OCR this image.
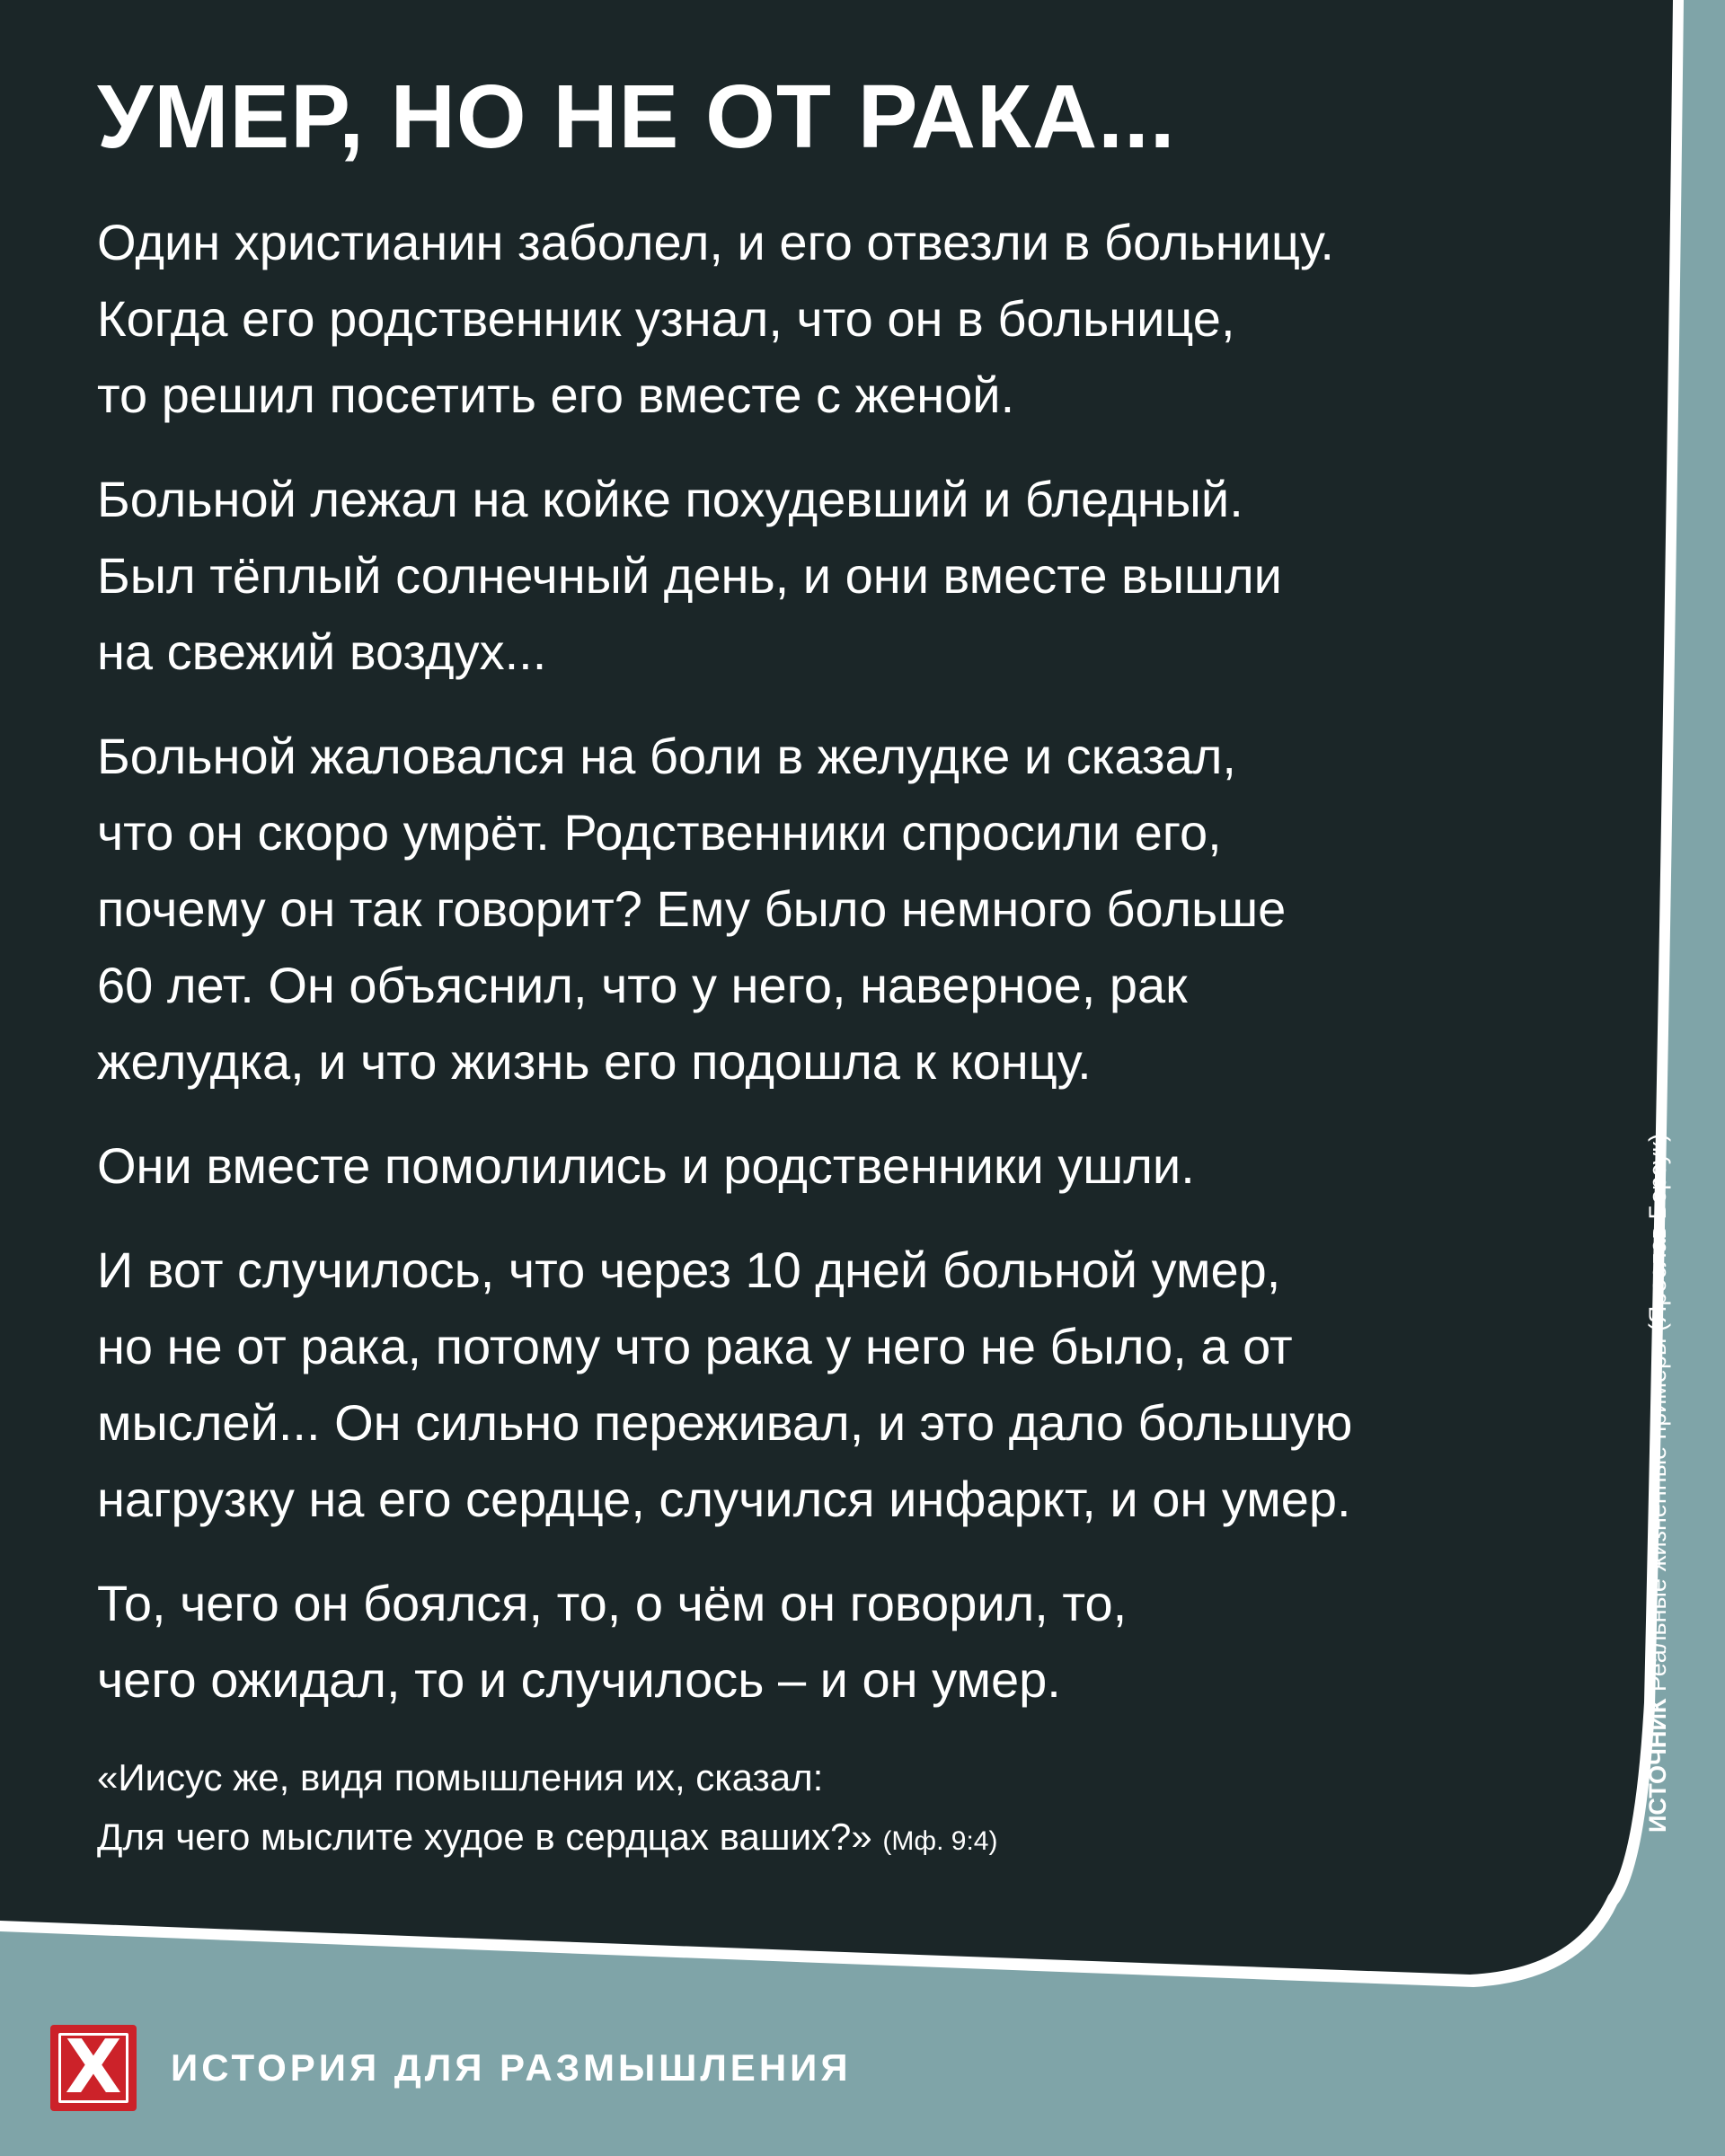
УМЕР, НО НЕ ОТ РАКА...
Один христианин заболел, и его отвезли в больницу.
Когда его родственник узнал, что он в больнице,
то решил посетить его вместе с женой.
Больной лежал на койке похудевший и бледный.
Был тёплый солнечный день, и они вместе вышли
на свежий воздух...
Больной жаловался на боли в желудке и сказал,
что он скоро умрёт. Родственники спросили его,
почему он так говорит? Ему было немного больше
60 лет. Он объяснил, что у него, наверное, рак
желудка, и что жизнь его подошла к концу.
Они вместе помолились и родственники ушли.
И вот случилось, что через 10 дней больной умер,
но не от рака, потому что рака у него не было, а от
мыслей... Он сильно переживал, и это дало большую
нагрузку на его сердце, случился инфаркт, и он умер.
То, чего он боялся, то, о чём он говорил, то,
чего ожидал, то и случилось – и он умер.
«Иисус же, видя помышления их, сказал:
Для чего мыслите худое в сердцах ваших?» (Мф. 9:4)
ИСТОЧНИК Реальные жизненные примеры (Ярослав Борсук)
X	ИСТОРИЯ ДЛЯ РАЗМЫШЛЕНИЯ
